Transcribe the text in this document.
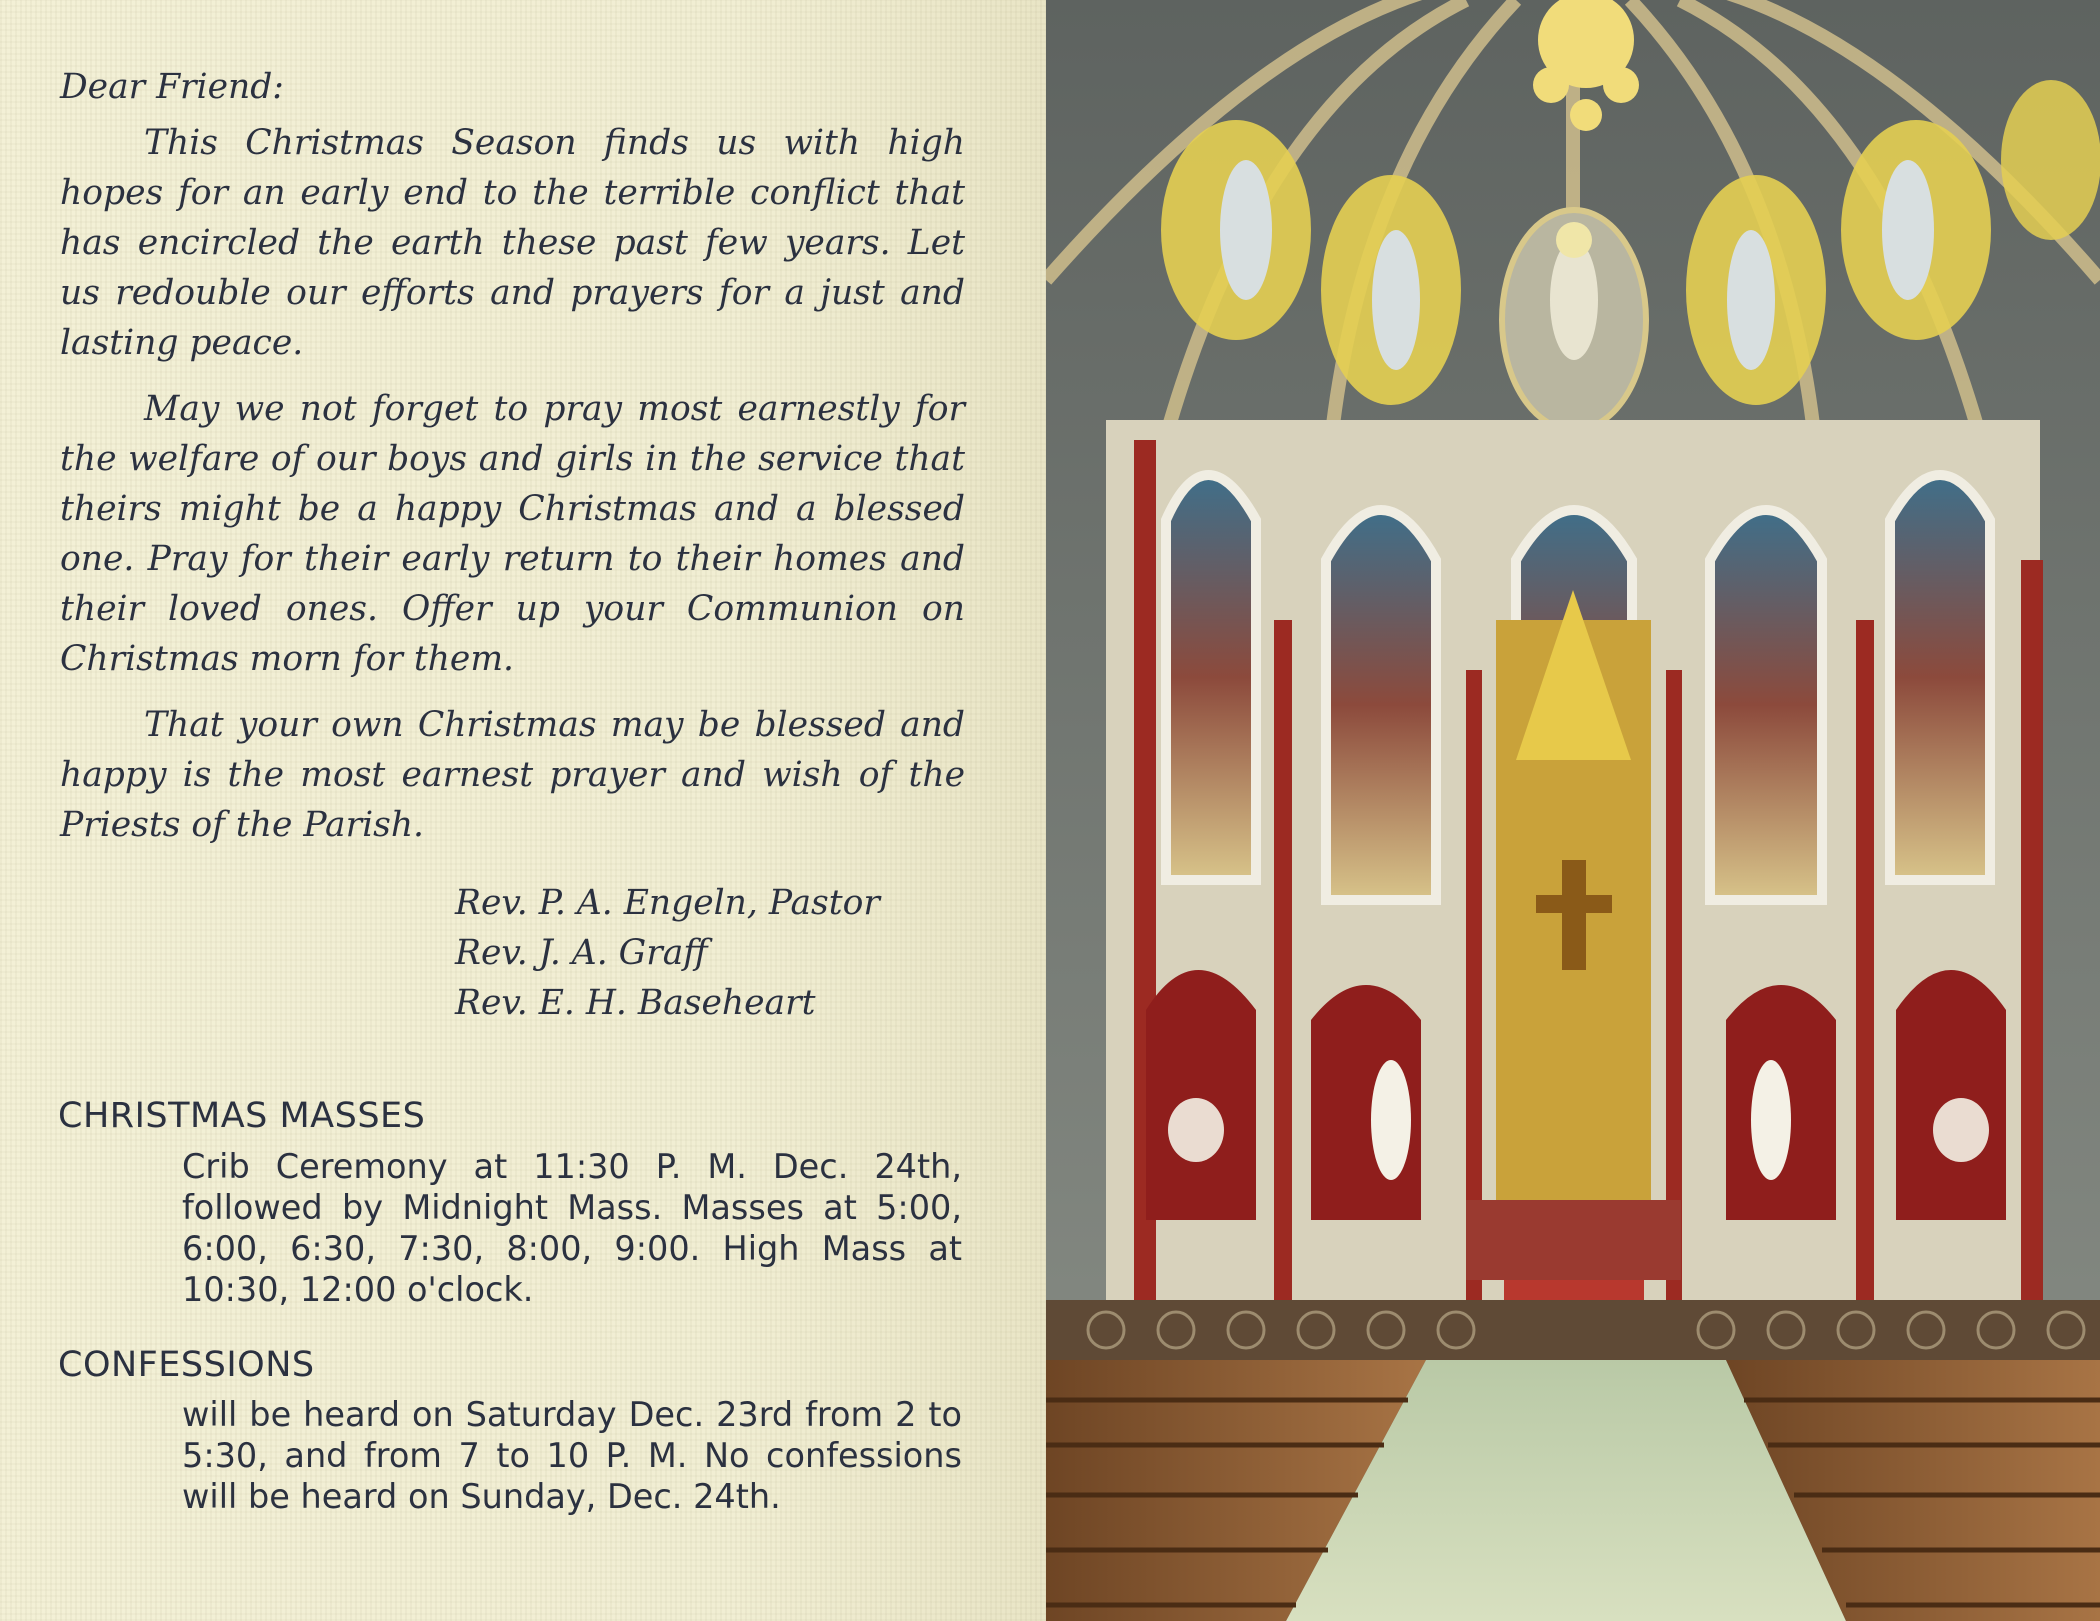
Dear Friend:

This Christmas Season finds us with high hopes for an early end to the terrible conflict that has encircled the earth these past few years. Let us redouble our efforts and prayers for a just and lasting peace.

May we not forget to pray most earnestly for the welfare of our boys and girls in the service that theirs might be a happy Christmas and a blessed one. Pray for their early return to their homes and their loved ones. Offer up your Communion on Christmas morn for them.

That your own Christmas may be blessed and happy is the most earnest prayer and wish of the Priests of the Parish.

Rev. P. A. Engeln, Pastor
Rev. J. A. Graff
Rev. E. H. Baseheart
CHRISTMAS MASSES
Crib Ceremony at 11:30 P. M. Dec. 24th, followed by Midnight Mass. Masses at 5:00, 6:00, 6:30, 7:30, 8:00, 9:00. High Mass at 10:30, 12:00 o'clock.
CONFESSIONS
will be heard on Saturday Dec. 23rd from 2 to 5:30, and from 7 to 10 P. M. No confessions will be heard on Sunday, Dec. 24th.
